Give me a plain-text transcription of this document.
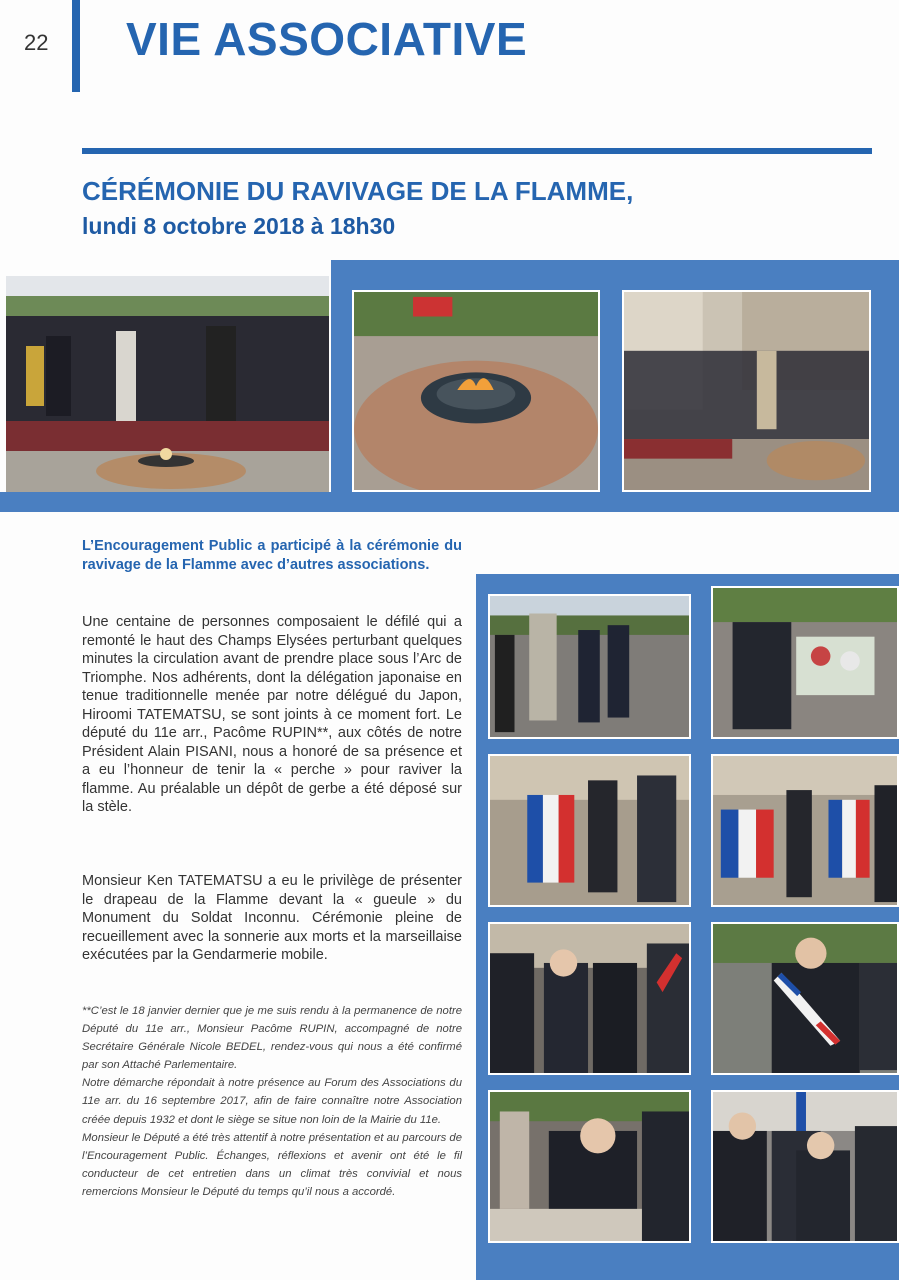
22 VIE ASSOCIATIVE
CÉRÉMONIE DU RAVIVAGE DE LA FLAMME,
lundi 8 octobre 2018 à 18h30
L’Encouragement Public a participé à la cérémonie du ravivage de la Flamme avec d’autres associations.
Une centaine de personnes composaient le défilé qui a remonté le haut des Champs Elysées perturbant quelques minutes la circulation avant de prendre place sous l’Arc de Triomphe. Nos adhérents, dont la délégation japonaise en tenue traditionnelle menée par notre délégué du Japon, Hiroomi TATEMATSU, se sont joints à ce moment fort. Le député du 11e arr., Pacôme RUPIN**, aux côtés de notre Président Alain PISANI, nous a honoré de sa présence et a eu l’honneur de tenir la « perche » pour raviver la flamme. Au préalable un dépôt de gerbe a été déposé sur la stèle.
Monsieur Ken TATEMATSU a eu le privilège de présenter le drapeau de la Flamme devant la « gueule » du Monument du Soldat Inconnu. Cérémonie pleine de recueillement avec la sonnerie aux morts et la marseillaise exécutées par la Gendarmerie mobile.

**C’est le 18 janvier dernier que je me suis rendu à la permanence de notre Député du 11e arr., Monsieur Pacôme RUPIN, accompagné de notre Secrétaire Générale Nicole BEDEL, rendez-vous qui nous a été confirmé par son Attaché Parlementaire.

Notre démarche répondait à notre présence au Forum des Associations du 11e arr. du 16 septembre 2017, afin de faire connaître notre Association créée depuis 1932 et dont le siège se situe non loin de la Mairie du 11e.

Monsieur le Député a été très attentif à notre présentation et au parcours de l’Encouragement Public. Échanges, réflexions et avenir ont été le fil conducteur de cet entretien dans un climat très convivial et nous remercions Monsieur le Député du temps qu’il nous a accordé.
